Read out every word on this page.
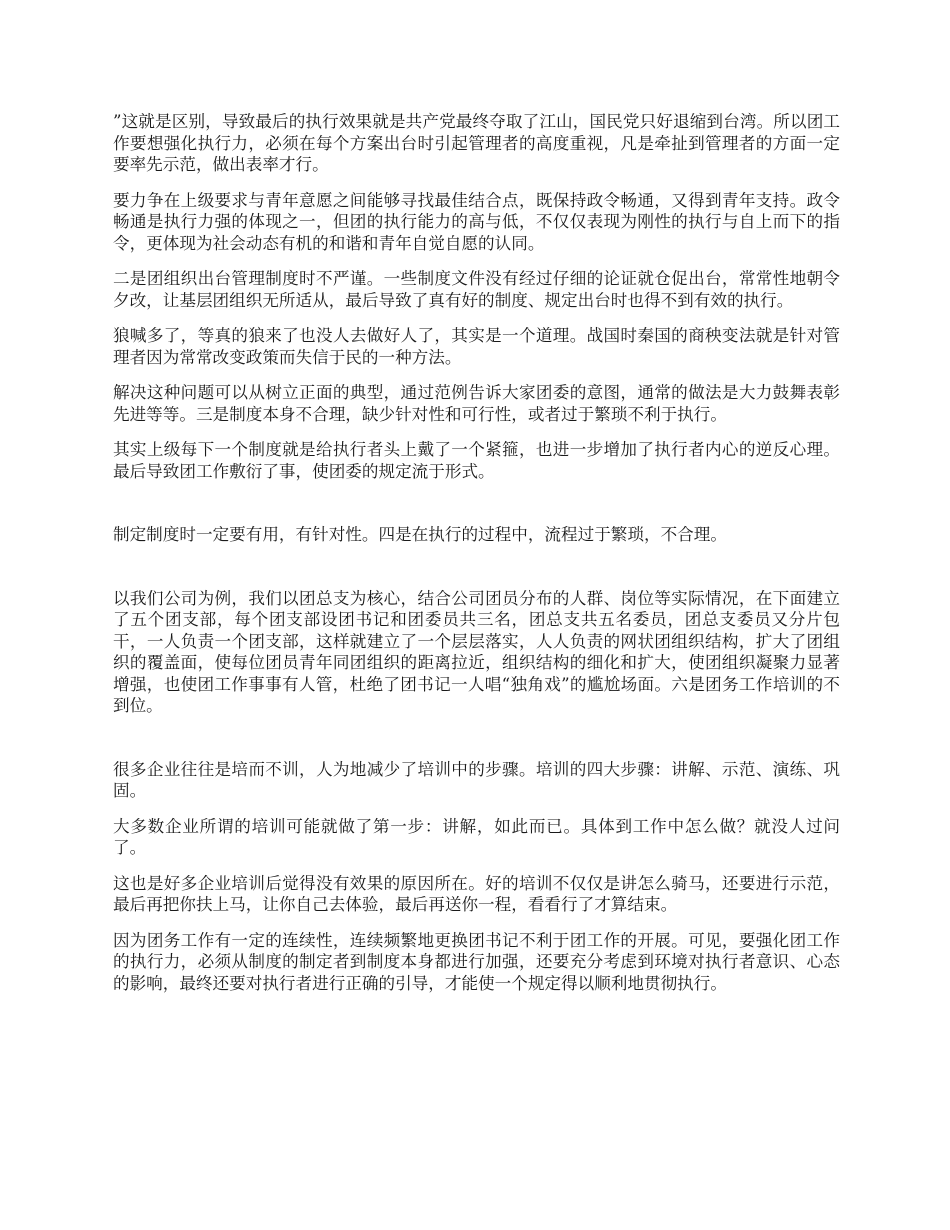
”这就是区别，导致最后的执行效果就是共产党最终夺取了江山，国民党只好退缩到台湾。所以团工作要想强化执行力，必须在每个方案出台时引起管理者的高度重视，凡是牵扯到管理者的方面一定要率先示范，做出表率才行。

要力争在上级要求与青年意愿之间能够寻找最佳结合点，既保持政令畅通，又得到青年支持。政令畅通是执行力强的体现之一，但团的执行能力的高与低，不仅仅表现为刚性的执行与自上而下的指令，更体现为社会动态有机的和谐和青年自觉自愿的认同。

二是团组织出台管理制度时不严谨。一些制度文件没有经过仔细的论证就仓促出台，常常性地朝令夕改，让基层团组织无所适从，最后导致了真有好的制度、规定出台时也得不到有效的执行。

狼喊多了，等真的狼来了也没人去做好人了，其实是一个道理。战国时秦国的商秧变法就是针对管理者因为常常改变政策而失信于民的一种方法。

解决这种问题可以从树立正面的典型，通过范例告诉大家团委的意图，通常的做法是大力鼓舞表彰先进等等。三是制度本身不合理，缺少针对性和可行性，或者过于繁琐不利于执行。

其实上级每下一个制度就是给执行者头上戴了一个紧箍，也进一步增加了执行者内心的逆反心理。最后导致团工作敷衍了事，使团委的规定流于形式。

制定制度时一定要有用，有针对性。四是在执行的过程中，流程过于繁琐，不合理。

以我们公司为例，我们以团总支为核心，结合公司团员分布的人群、岗位等实际情况，在下面建立了五个团支部，每个团支部设团书记和团委员共三名，团总支共五名委员，团总支委员又分片包干，一人负责一个团支部，这样就建立了一个层层落实，人人负责的网状团组织结构，扩大了团组织的覆盖面，使每位团员青年同团组织的距离拉近，组织结构的细化和扩大，使团组织凝聚力显著增强，也使团工作事事有人管，杜绝了团书记一人唱“独角戏”的尴尬场面。六是团务工作培训的不到位。

很多企业往往是培而不训，人为地减少了培训中的步骤。培训的四大步骤：讲解、示范、演练、巩固。

大多数企业所谓的培训可能就做了第一步：讲解，如此而已。具体到工作中怎么做？就没人过问了。

这也是好多企业培训后觉得没有效果的原因所在。好的培训不仅仅是讲怎么骑马，还要进行示范，最后再把你扶上马，让你自己去体验，最后再送你一程，看看行了才算结束。

因为团务工作有一定的连续性，连续频繁地更换团书记不利于团工作的开展。可见，要强化团工作的执行力，必须从制度的制定者到制度本身都进行加强，还要充分考虑到环境对执行者意识、心态的影响，最终还要对执行者进行正确的引导，才能使一个规定得以顺利地贯彻执行。
